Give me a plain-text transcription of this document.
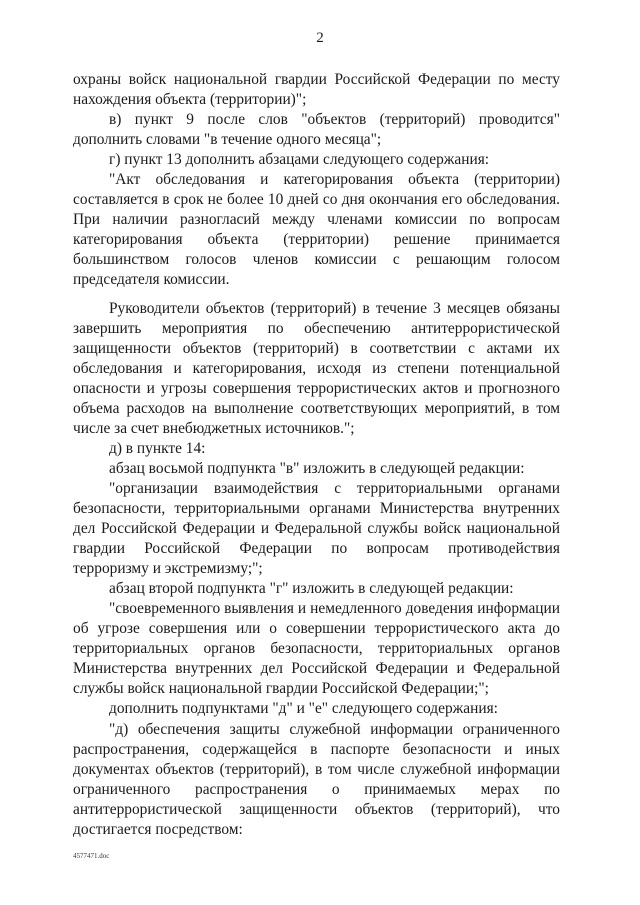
2

охраны войск национальной гвардии Российской Федерации по месту нахождения объекта (территории)";

в) пункт 9 после слов "объектов (территорий) проводится" дополнить словами "в течение одного месяца";

г) пункт 13 дополнить абзацами следующего содержания:

"Акт обследования и категорирования объекта (территории) составляется в срок не более 10 дней со дня окончания его обследования. При наличии разногласий между членами комиссии по вопросам категорирования объекта (территории) решение принимается большинством голосов членов комиссии с решающим голосом председателя комиссии.

Руководители объектов (территорий) в течение 3 месяцев обязаны завершить мероприятия по обеспечению антитеррористической защищенности объектов (территорий) в соответствии с актами их обследования и категорирования, исходя из степени потенциальной опасности и угрозы совершения террористических актов и прогнозного объема расходов на выполнение соответствующих мероприятий, в том числе за счет внебюджетных источников.";

д) в пункте 14:

абзац восьмой подпункта "в" изложить в следующей редакции:

"организации взаимодействия с территориальными органами безопасности, территориальными органами Министерства внутренних дел Российской Федерации и Федеральной службы войск национальной гвардии Российской Федерации по вопросам противодействия терроризму и экстремизму;";

абзац второй подпункта "г" изложить в следующей редакции:

"своевременного выявления и немедленного доведения информации об угрозе совершения или о совершении террористического акта до территориальных органов безопасности, территориальных органов Министерства внутренних дел Российской Федерации и Федеральной службы войск национальной гвардии Российской Федерации;";

дополнить подпунктами "д" и "е" следующего содержания:

"д) обеспечения защиты служебной информации ограниченного распространения, содержащейся в паспорте безопасности и иных документах объектов (территорий), в том числе служебной информации ограниченного распространения о принимаемых мерах по антитеррористической защищенности объектов (территорий), что достигается посредством:

4577471.doc
